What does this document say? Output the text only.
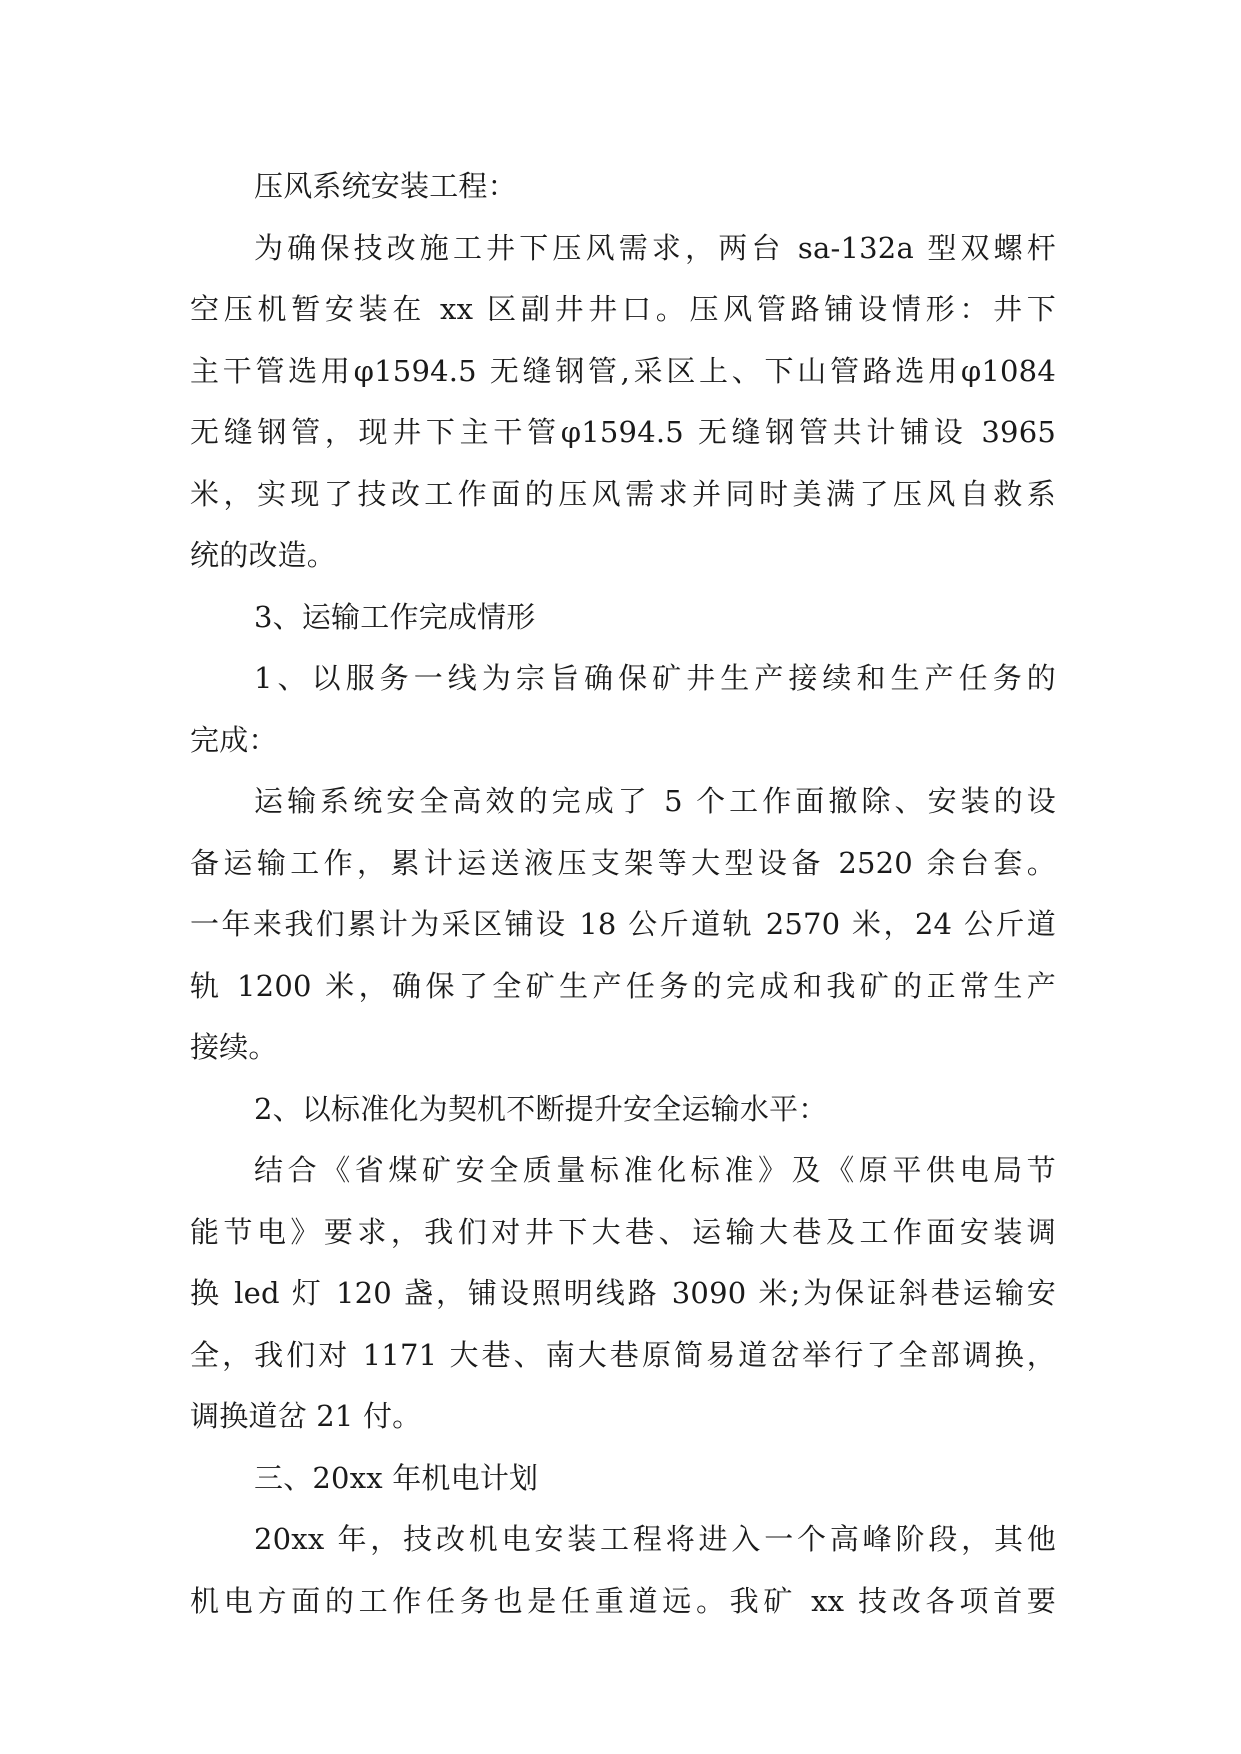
压风系统安装工程：
为确保技改施工井下压风需求，两台 sa-132a 型双螺杆
空压机暂安装在 xx 区副井井口。压风管路铺设情形：井下
主干管选用φ1594.5 无缝钢管,采区上、下山管路选用φ1084
无缝钢管，现井下主干管φ1594.5 无缝钢管共计铺设 3965
米，实现了技改工作面的压风需求并同时美满了压风自救系
统的改造。
3、运输工作完成情形
1、以服务一线为宗旨确保矿井生产接续和生产任务的
完成：
运输系统安全高效的完成了 5 个工作面撤除、安装的设
备运输工作，累计运送液压支架等大型设备 2520 余台套。
一年来我们累计为采区铺设 18 公斤道轨 2570 米，24 公斤道
轨 1200 米，确保了全矿生产任务的完成和我矿的正常生产
接续。
2、以标准化为契机不断提升安全运输水平：
结合《省煤矿安全质量标准化标准》及《原平供电局节
能节电》要求，我们对井下大巷、运输大巷及工作面安装调
换 led 灯 120 盏，铺设照明线路 3090 米;为保证斜巷运输安
全，我们对 1171 大巷、南大巷原简易道岔举行了全部调换，
调换道岔 21 付。
三、20xx 年机电计划
20xx 年，技改机电安装工程将进入一个高峰阶段，其他
机电方面的工作任务也是任重道远。我矿 xx 技改各项首要
